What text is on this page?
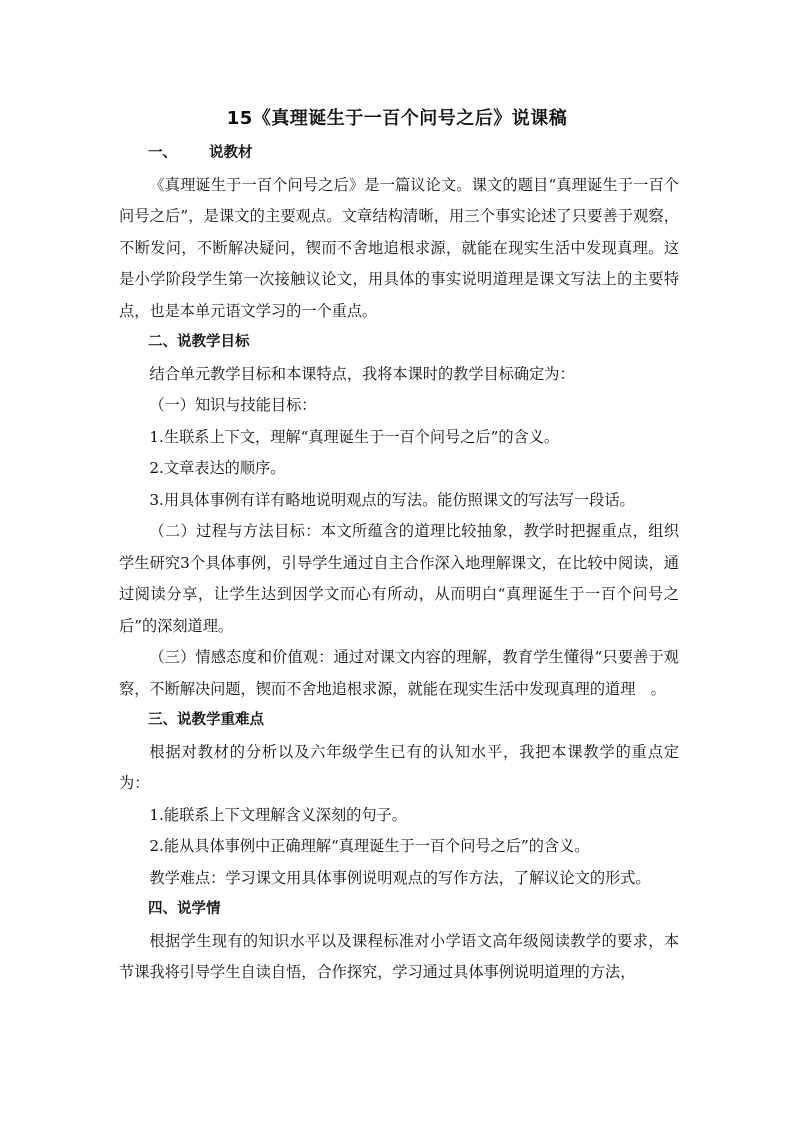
15《真理诞生于一百个问号之后》说课稿

一、 说教材

《真理诞生于一百个问号之后》是一篇议论文。课文的题目“真理诞生于一百个问号之后”，是课文的主要观点。文章结构清晰，用三个事实论述了只要善于观察，不断发问，不断解决疑问，锲而不舍地追根求源，就能在现实生活中发现真理。这是小学阶段学生第一次接触议论文，用具体的事实说明道理是课文写法上的主要特点，也是本单元语文学习的一个重点。

二、说教学目标

结合单元教学目标和本课特点，我将本课时的教学目标确定为：

（一）知识与技能目标：

1.生联系上下文，理解“真理诞生于一百个问号之后”的含义。

2.文章表达的顺序。

3.用具体事例有详有略地说明观点的写法。能仿照课文的写法写一段话。

（二）过程与方法目标：本文所蕴含的道理比较抽象，教学时把握重点，组织学生研究3个具体事例，引导学生通过自主合作深入地理解课文，在比较中阅读，通过阅读分享，让学生达到因学文而心有所动，从而明白“真理诞生于一百个问号之后”的深刻道理。

（三）情感态度和价值观：通过对课文内容的理解，教育学生懂得“只要善于观察，不断解决问题，锲而不舍地追根求源，就能在现实生活中发现真理的道理　。

三、说教学重难点

根据对教材的分析以及六年级学生已有的认知水平，我把本课教学的重点定为：

1.能联系上下文理解含义深刻的句子。

2.能从具体事例中正确理解“真理诞生于一百个问号之后”的含义。

教学难点：学习课文用具体事例说明观点的写作方法，了解议论文的形式。

四、说学情

根据学生现有的知识水平以及课程标准对小学语文高年级阅读教学的要求，本节课我将引导学生自读自悟，合作探究，学习通过具体事例说明道理的方法，
